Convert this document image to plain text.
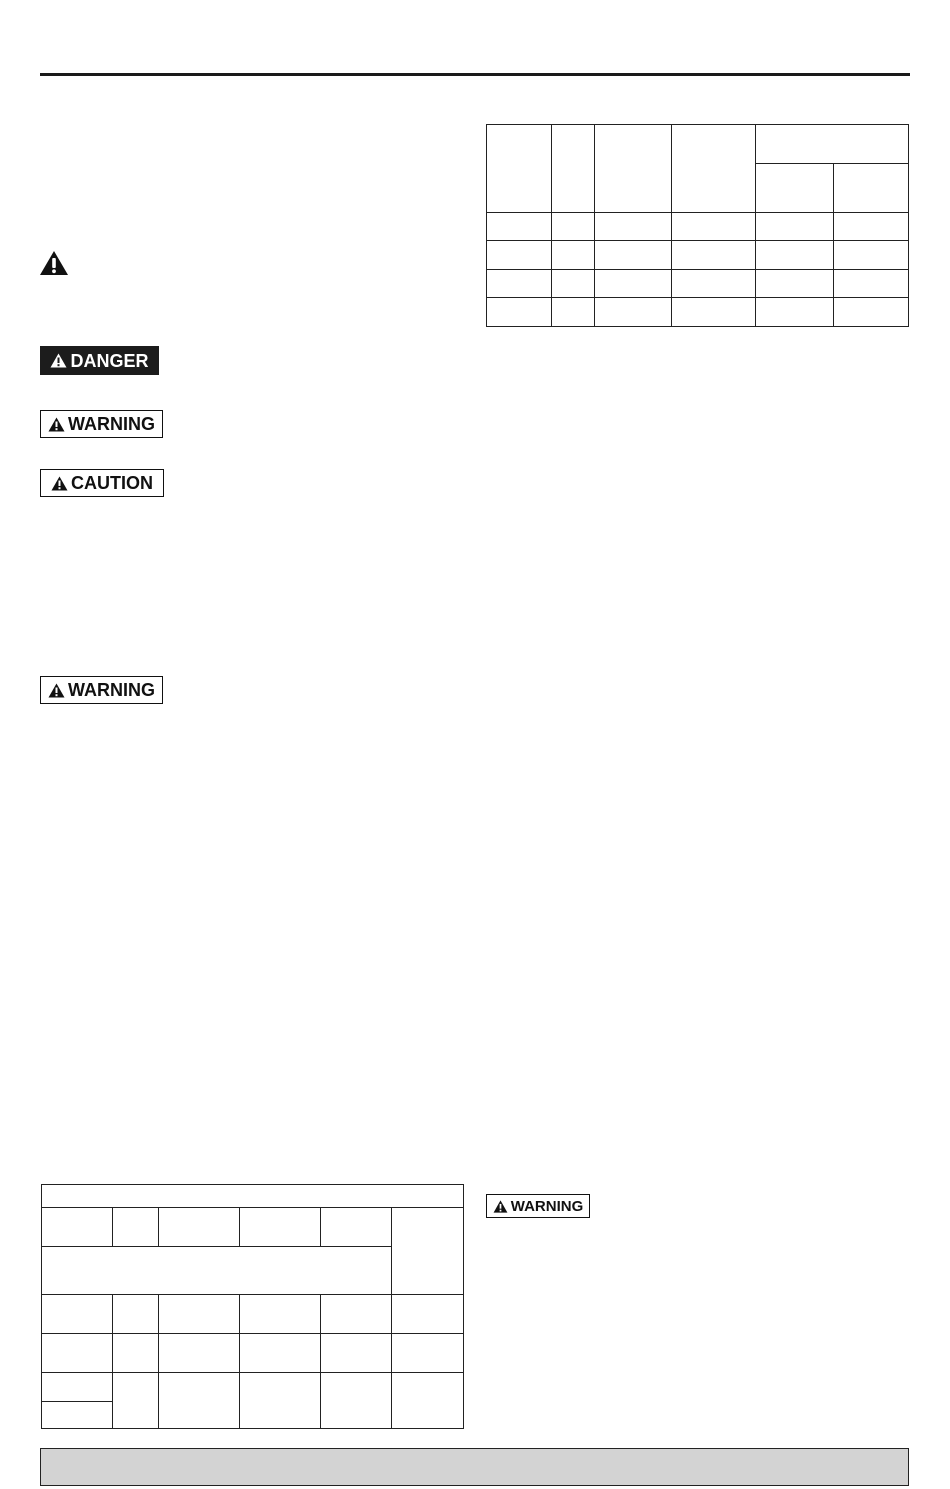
DANGER
WARNING
CAUTION
WARNING
WARNING
